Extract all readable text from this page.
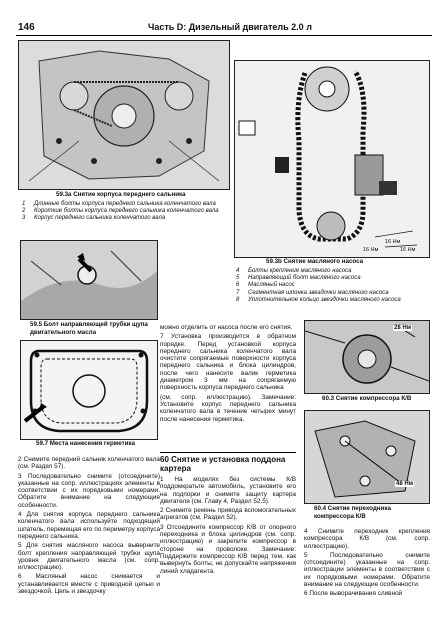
146	Часть D: Дизельный двигатель 2.0 л
59.3a Снятие корпуса переднего сальника
1	Длинные болты корпуса переднего сальника коленчатого вала
2	Короткие болты корпуса переднего сальника коленчатого вала
3	Корпус переднего сальника коленчатого вала
16 Нм
16 Нм	16 Нм
59.3b Снятие масляного насоса
4	Болты крепления масляного насоса
5	Направляющий болт масляного насоса
6	Масляный насос
7	Сегментная шпонка звездочки масляного насоса
8	Уплотнительное кольцо звездочки масляного насоса
59.5 Болт направляющей трубки щупа двигательного масла
59.7 Места нанесения герметика

2 Снимите передний сальник коленчатого вала (см. Раздел 57).

3 Последовательно снимите (отсоедините) указанные на сопр. иллюстрациях элементы в соответствии с их порядковыми номерами. Обратите внимание на следующие особенности.

4 Для снятия корпуса переднего сальника коленчатого вала используйте подходящий шпатель, перемещая его по периметру корпуса переднего сальника.

5 Для снятия масляного насоса выверните болт крепления направляющей трубки щупа уровня двигательного масла (см. сопр. иллюстрацию).

6 Масляный насос снимается и устанавливается вместе с приводной цепью и звездочкой. Цепь и звездочку

можно отделить от насоса после его снятия.

7 Установка производится в обратном порядке. Перед установкой корпуса переднего сальника коленчатого вала очистите сопрягаемые поверхности корпуса переднего сальника и блока цилиндров, после чего нанесите валик герметика диаметром 3 мм на сопрягаемую поверхность корпуса переднего сальника

(см. сопр. иллюстрацию). Замечание: Установите корпус переднего сальника коленчатого вала в течение четырех минут после нанесения герметика.

60 Снятие и установка поддона картера

1 На моделях без системы К/В поддомкратьте автомобиль, установите его на подпорки и снимите защиту картера двигателя (см. Главу 4, Раздел 52.5).

2 Снимите ремень привода вспомогательных агрегатов (см. Раздел 52).

3 Отсоедините компрессор К/В от опорного переходника и блока цилиндров (см. сопр. иллюстрацию) и закрепите компрессор в стороне на проволоке. Замечание: Поддержите компрессор К/В перед тем, как вывернуть болты, не допускайте напряжения линий хладагента.

28 Нм
60.3 Снятие компрессора К/В
48 Нм
60.4 Снятие переходника компрессора К/В

4 Снимите переходник крепления компрессора К/В (см. сопр. иллюстрацию).

5 Последовательно снимите (отсоедините) указанные на сопр. иллюстрации элементы в соответствии с их порядковыми номерами. Обратите внимание на следующие особенности.

6 После выворачивания сливной
